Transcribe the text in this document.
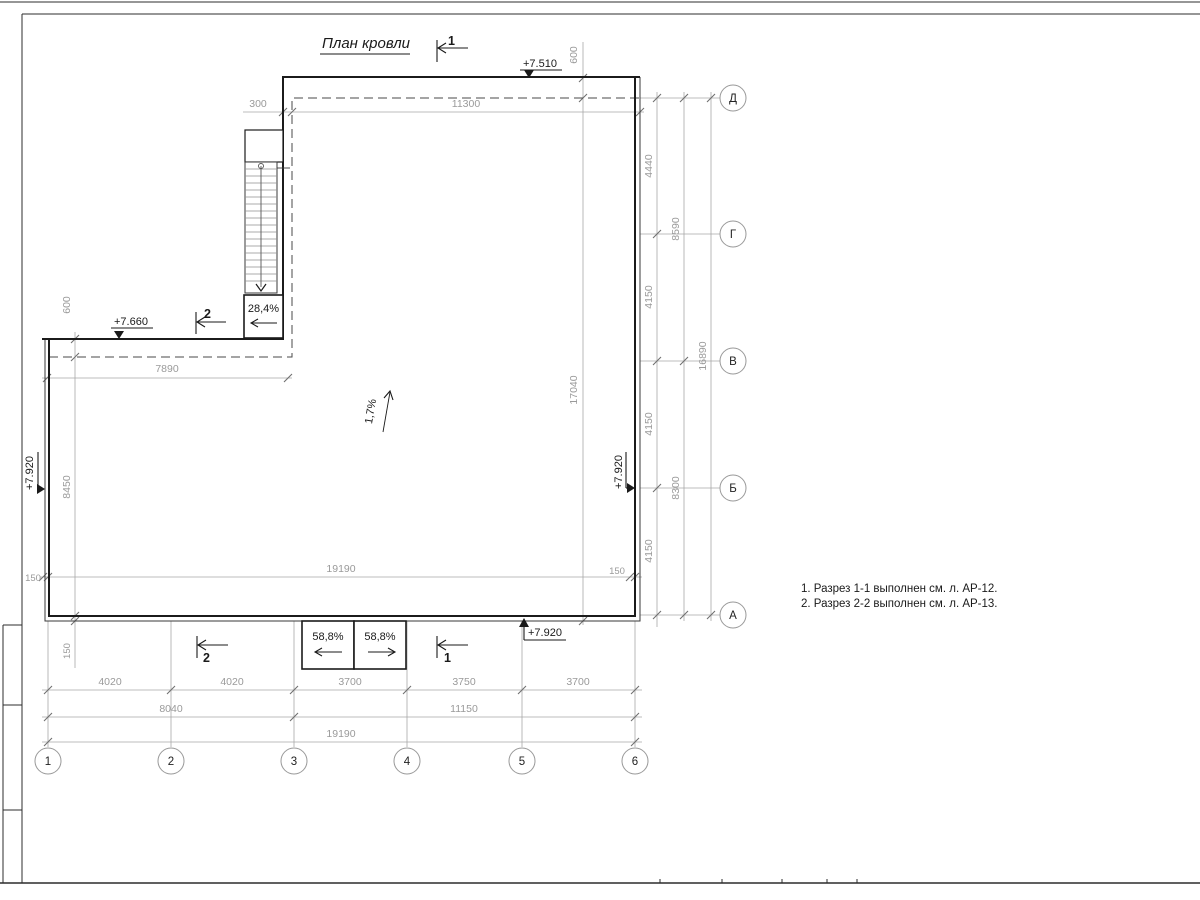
28,4%
58,8% 58,8%
1,7%
+7.510
+7.660
+7.920	+7.920
+7.920
1
2
2	1
600
11300
300
600
7890
8450
150
150
150
19190
17040
4150
4150
4150
4440
8300
8590
16890
4020	4020	3700	3750	3700
8040	11150
19190
1	2	3	4	5	6
Д
Г
В
Б
А
План кровли
1. Разрез 1-1 выполнен см. л. АР-12.
2. Разрез 2-2 выполнен см. л. АР-13.
